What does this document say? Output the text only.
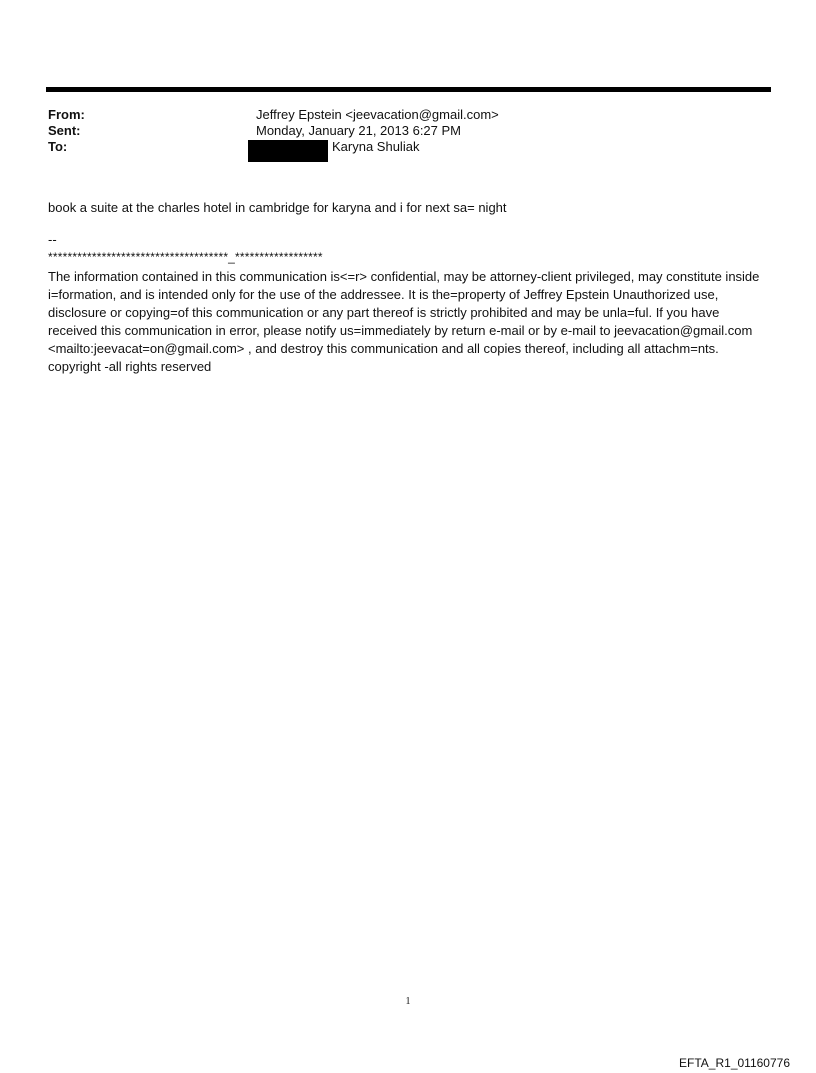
From:	Jeffrey Epstein <jeevacation@gmail.com>
Sent:	Monday, January 21, 2013 6:27 PM
To:	Karyna Shuliak
book a suite at the charles hotel in cambridge for karyna and i for next sa= night
--
*************************************_******************
The information contained in this communication is<=r> confidential, may be attorney-client privileged, may constitute inside i=formation, and is intended only for the use of the addressee. It is the=property of Jeffrey Epstein Unauthorized use, disclosure or copying=of this communication or any part thereof is strictly prohibited and may be unla=ful. If you have received this communication in error, please notify us=immediately by return e-mail or by e-mail to jeevacation@gmail.com <mailto:jeevacat=on@gmail.com> , and destroy this communication and all copies thereof, including all attachm=nts. copyright -all rights reserved
1
EFTA_R1_01160776
